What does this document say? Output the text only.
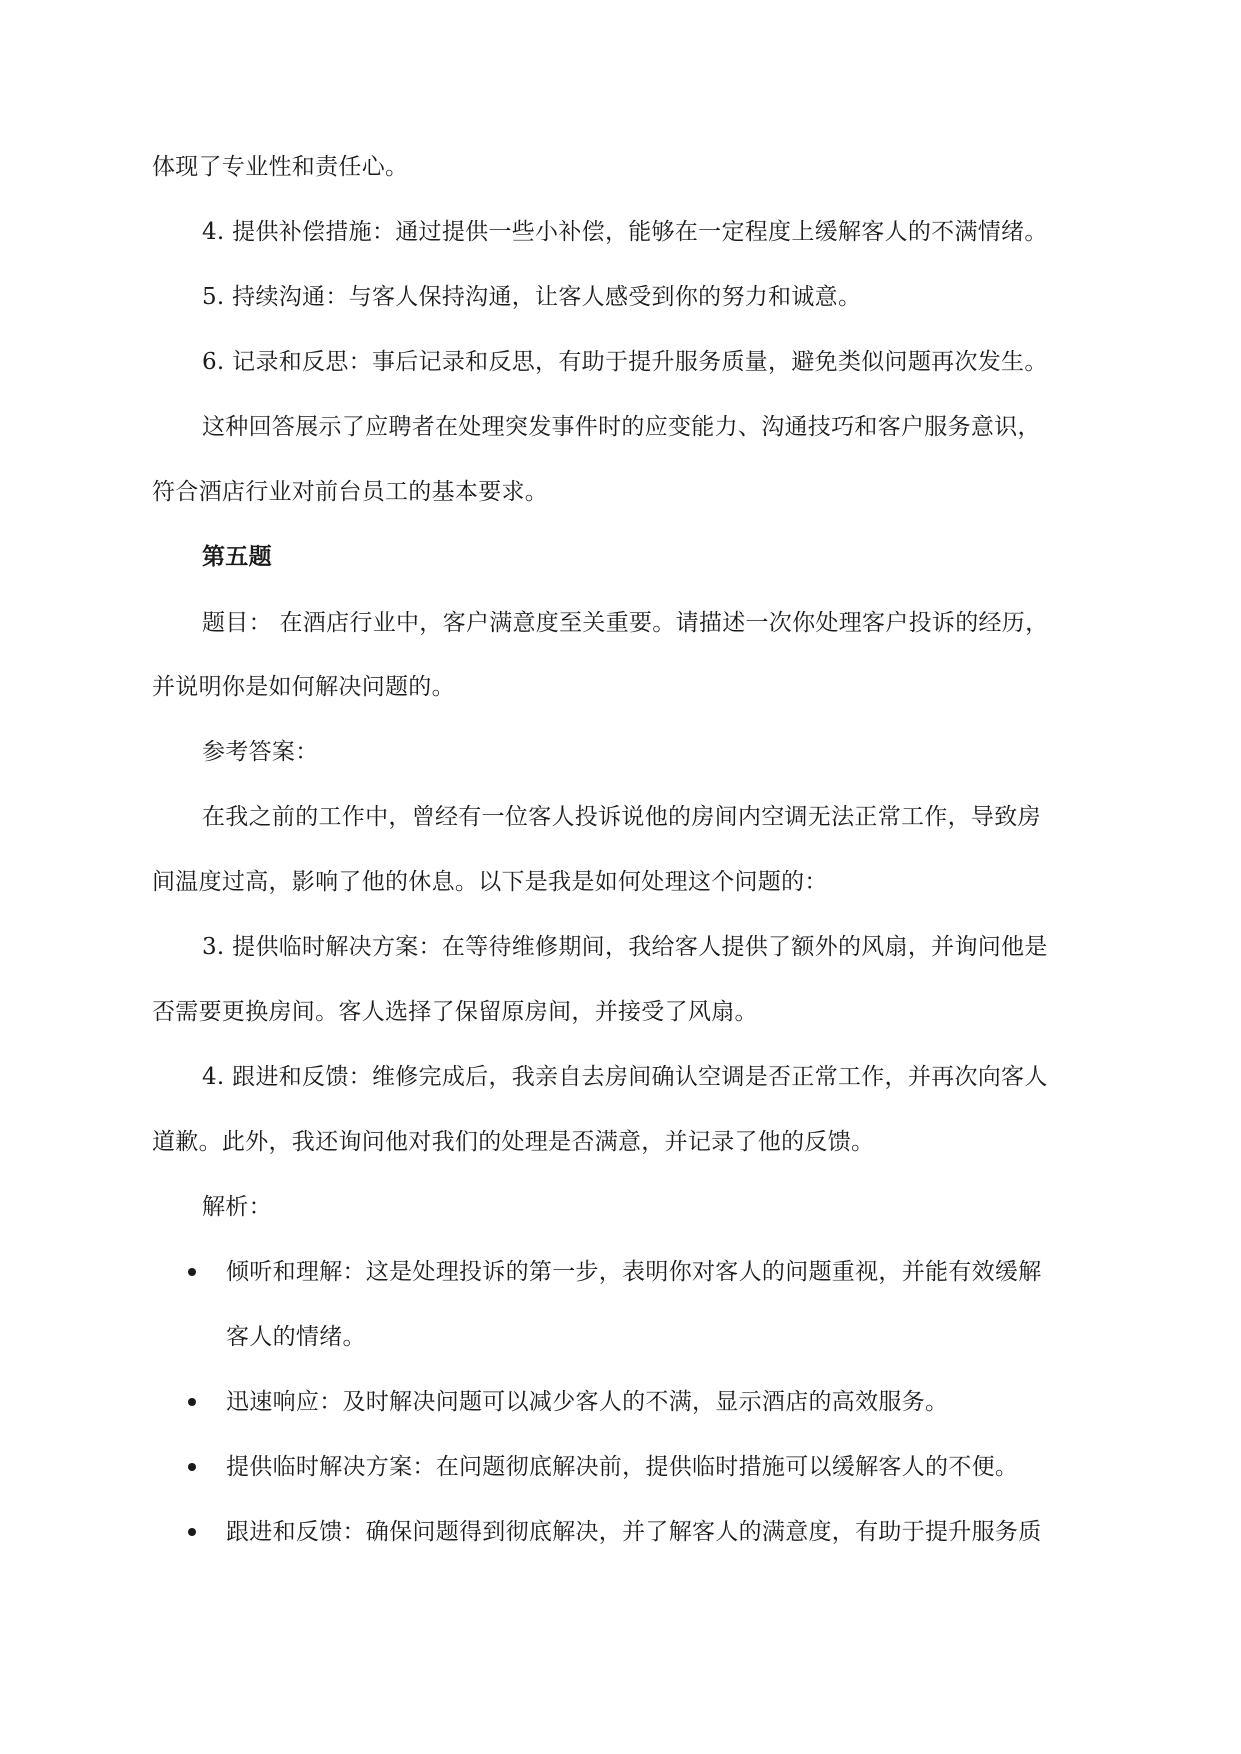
体现了专业性和责任心。
4. 提供补偿措施：通过提供一些小补偿，能够在一定程度上缓解客人的不满情绪。
5. 持续沟通：与客人保持沟通，让客人感受到你的努力和诚意。
6. 记录和反思：事后记录和反思，有助于提升服务质量，避免类似问题再次发生。
这种回答展示了应聘者在处理突发事件时的应变能力、沟通技巧和客户服务意识，
符合酒店行业对前台员工的基本要求。
第五题
题目： 在酒店行业中，客户满意度至关重要。请描述一次你处理客户投诉的经历，
并说明你是如何解决问题的。
参考答案：
在我之前的工作中，曾经有一位客人投诉说他的房间内空调无法正常工作，导致房
间温度过高，影响了他的休息。以下是我是如何处理这个问题的：
3. 提供临时解决方案：在等待维修期间，我给客人提供了额外的风扇，并询问他是
否需要更换房间。客人选择了保留原房间，并接受了风扇。
4. 跟进和反馈：维修完成后，我亲自去房间确认空调是否正常工作，并再次向客人
道歉。此外，我还询问他对我们的处理是否满意，并记录了他的反馈。
解析：
倾听和理解：这是处理投诉的第一步，表明你对客人的问题重视，并能有效缓解
客人的情绪。
迅速响应：及时解决问题可以减少客人的不满，显示酒店的高效服务。
提供临时解决方案：在问题彻底解决前，提供临时措施可以缓解客人的不便。
跟进和反馈：确保问题得到彻底解决，并了解客人的满意度，有助于提升服务质
